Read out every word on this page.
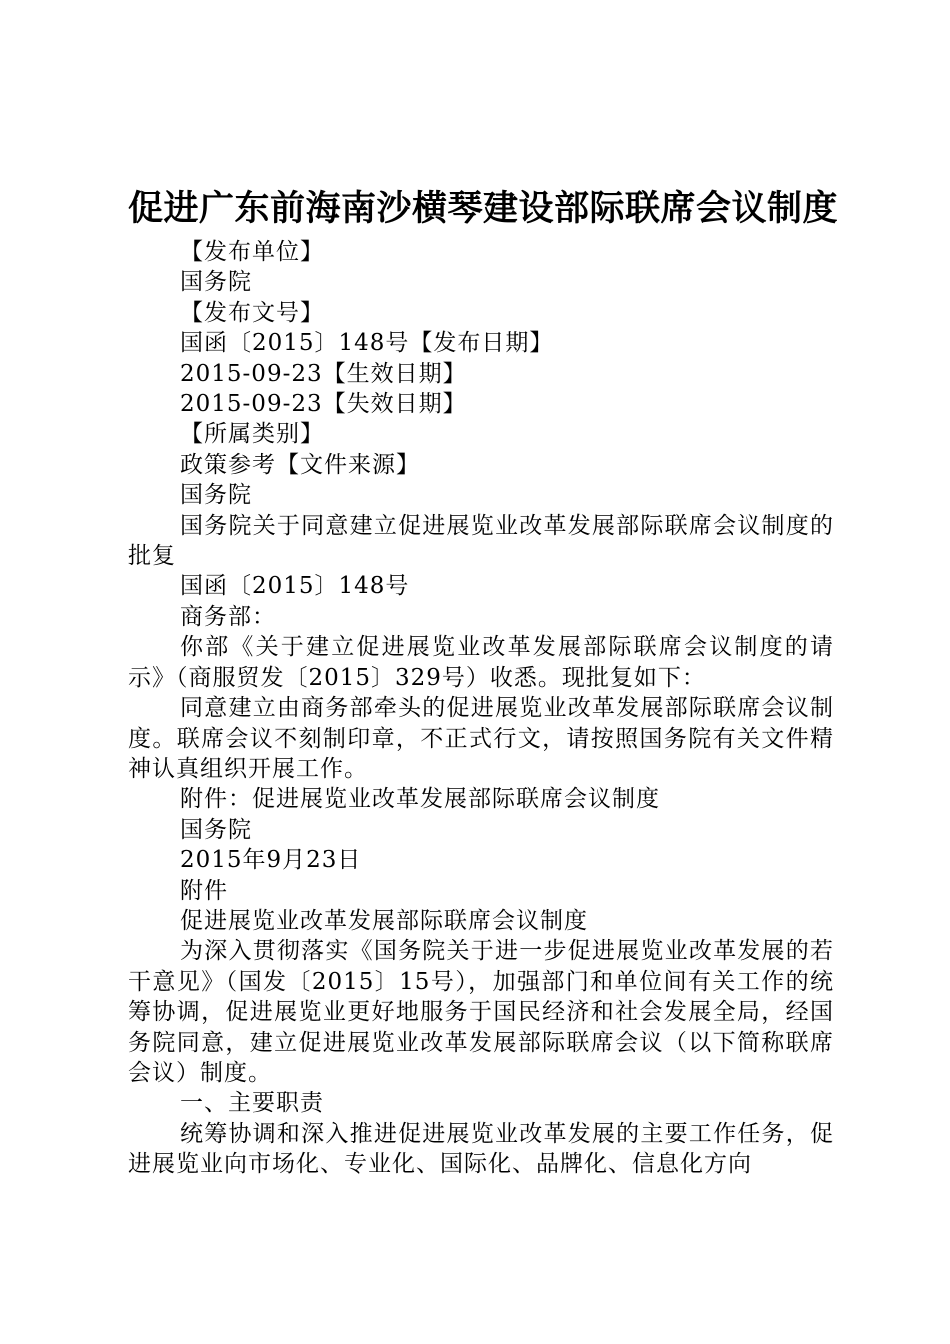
促进广东前海南沙横琴建设部际联席会议制度

【发布单位】

国务院

【发布文号】

国函〔2015〕148号【发布日期】

2015-09-23【生效日期】

2015-09-23【失效日期】

【所属类别】

政策参考【文件来源】

国务院

国务院关于同意建立促进展览业改革发展部际联席会议制度的批复

国函〔2015〕148号

商务部：

你部《关于建立促进展览业改革发展部际联席会议制度的请示》（商服贸发〔2015〕329号）收悉。现批复如下：

同意建立由商务部牵头的促进展览业改革发展部际联席会议制度。联席会议不刻制印章，不正式行文，请按照国务院有关文件精神认真组织开展工作。

附件：促进展览业改革发展部际联席会议制度

国务院

2015年9月23日

附件

促进展览业改革发展部际联席会议制度

为深入贯彻落实《国务院关于进一步促进展览业改革发展的若干意见》（国发〔2015〕15号），加强部门和单位间有关工作的统筹协调，促进展览业更好地服务于国民经济和社会发展全局，经国务院同意，建立促进展览业改革发展部际联席会议（以下简称联席会议）制度。

一、主要职责

统筹协调和深入推进促进展览业改革发展的主要工作任务，促进展览业向市场化、专业化、国际化、品牌化、信息化方向
